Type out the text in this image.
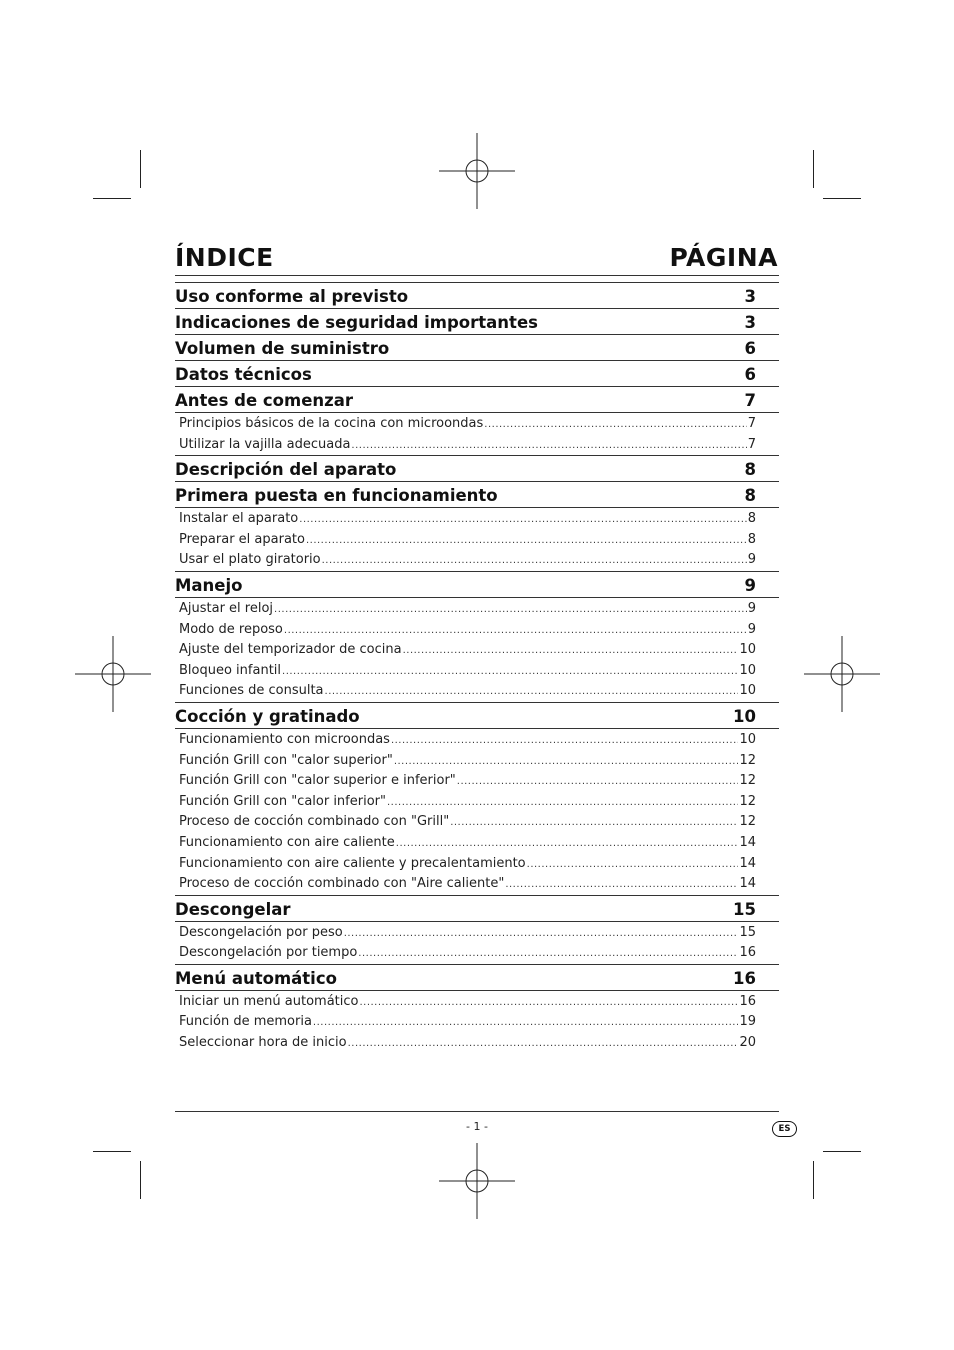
ÍNDICE	PÁGINA
Uso conforme al previsto	3
Indicaciones de seguridad importantes	3
Volumen de suministro	6
Datos técnicos	6
Antes de comenzar	7
Principios básicos de la cocina con microondas .....	7
Utilizar la vajilla adecuada .....	7
Descripción del aparato	8
Primera puesta en funcionamiento	8
Instalar el aparato .....	8
Preparar el aparato .....	8
Usar el plato giratorio .....	9
Manejo	9
Ajustar el reloj .....	9
Modo de reposo .....	9
Ajuste del temporizador de cocina .....	10
Bloqueo infantil .....	10
Funciones de consulta .....	10
Cocción y gratinado	10
Funcionamiento con microondas .....	10
Función Grill con "calor superior" .....	12
Función Grill con "calor superior e inferior" .....	12
Función Grill con "calor inferior" .....	12
Proceso de cocción combinado con "Grill" .....	12
Funcionamiento con aire caliente .....	14
Funcionamiento con aire caliente y precalentamiento .....	14
Proceso de cocción combinado con "Aire caliente" .....	14
Descongelar	15
Descongelación por peso .....	15
Descongelación por tiempo .....	16
Menú automático	16
Iniciar un menú automático .....	16
Función de memoria .....	19
Seleccionar hora de inicio .....	20
- 1 -	ES
